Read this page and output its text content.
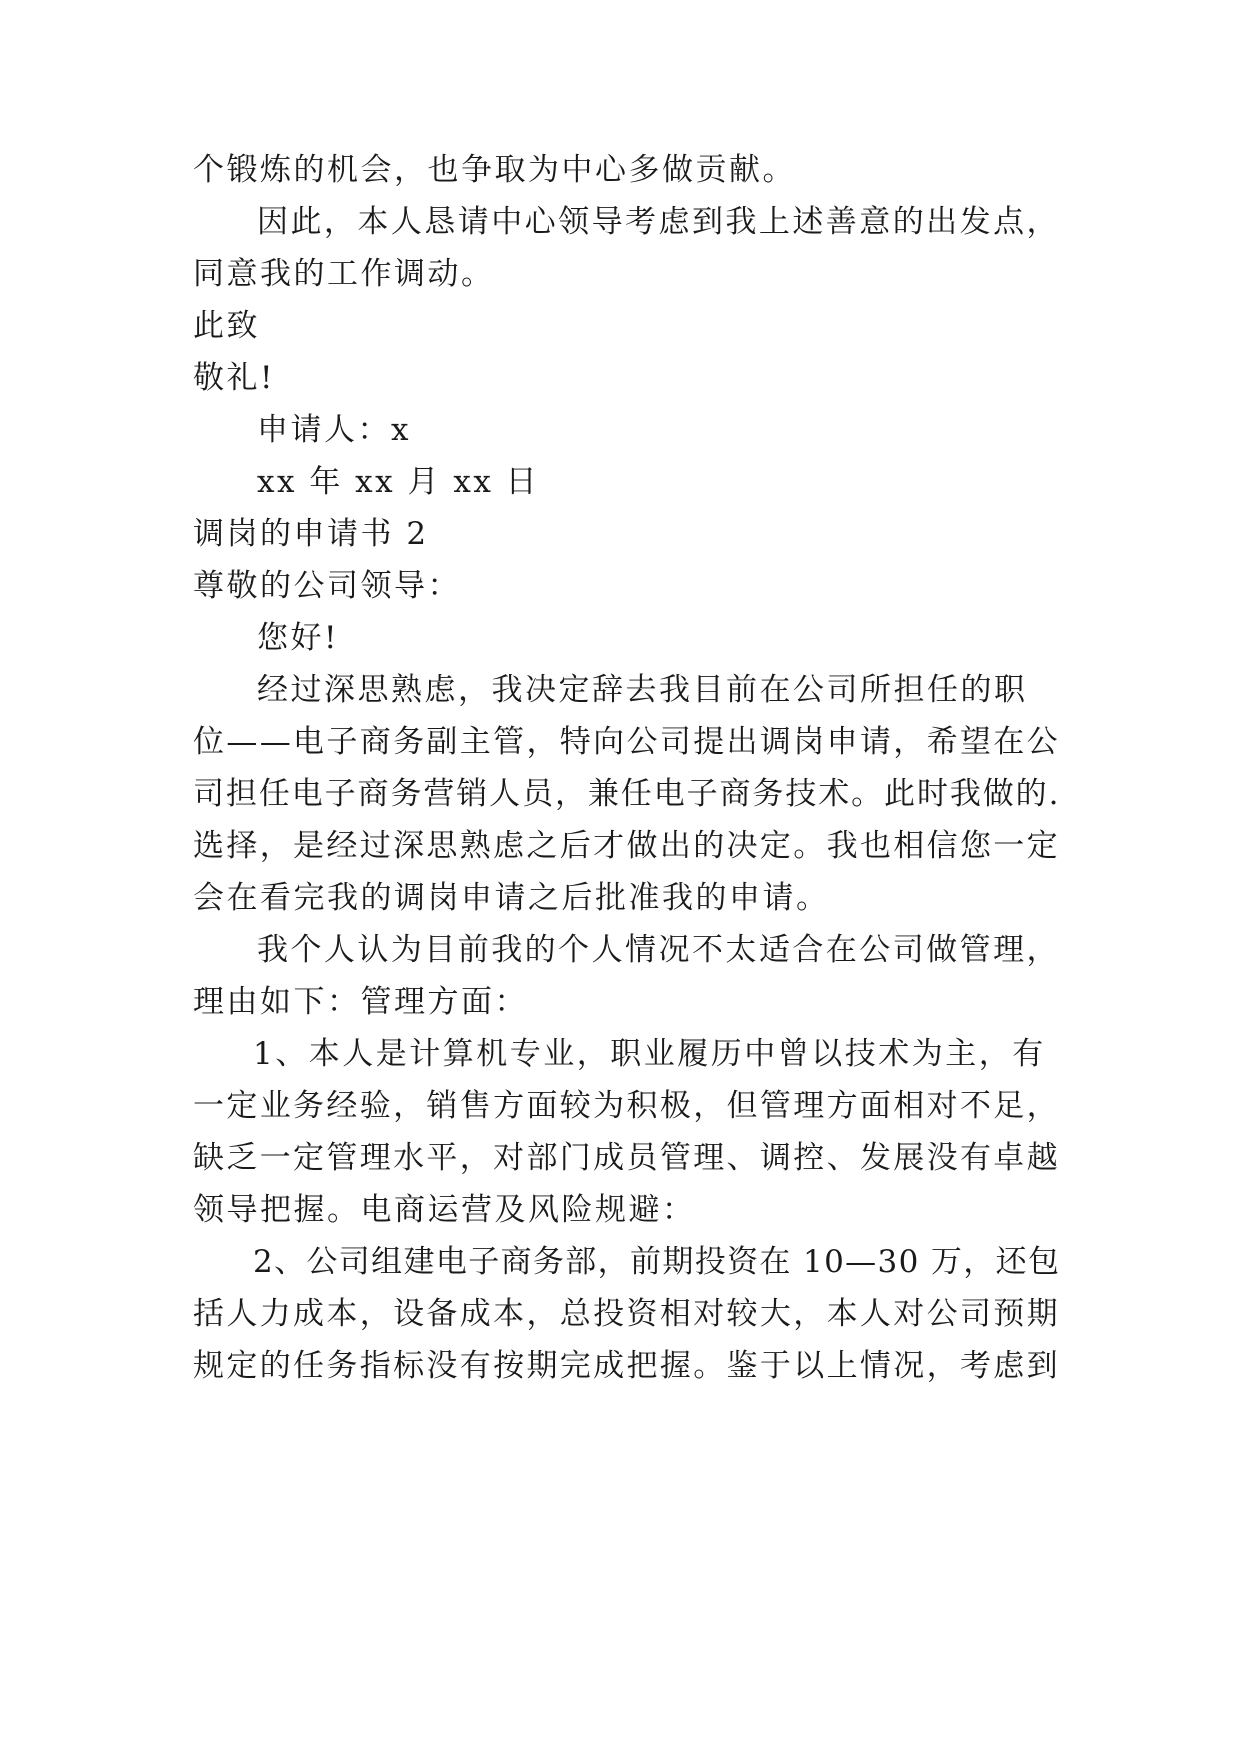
个锻炼的机会，也争取为中心多做贡献。
因此，本人恳请中心领导考虑到我上述善意的出发点，
同意我的工作调动。
此致
敬礼!
申请人：x
xx 年 xx 月 xx 日
调岗的申请书 2
尊敬的公司领导：
您好!
经过深思熟虑，我决定辞去我目前在公司所担任的职
位——电子商务副主管，特向公司提出调岗申请，希望在公
司担任电子商务营销人员，兼任电子商务技术。此时我做的.
选择，是经过深思熟虑之后才做出的决定。我也相信您一定
会在看完我的调岗申请之后批准我的申请。
我个人认为目前我的个人情况不太适合在公司做管理，
理由如下：管理方面：
1、本人是计算机专业，职业履历中曾以技术为主，有
一定业务经验，销售方面较为积极，但管理方面相对不足，
缺乏一定管理水平，对部门成员管理、调控、发展没有卓越
领导把握。电商运营及风险规避：
2、公司组建电子商务部，前期投资在 10—30 万，还包
括人力成本，设备成本，总投资相对较大，本人对公司预期
规定的任务指标没有按期完成把握。鉴于以上情况，考虑到
